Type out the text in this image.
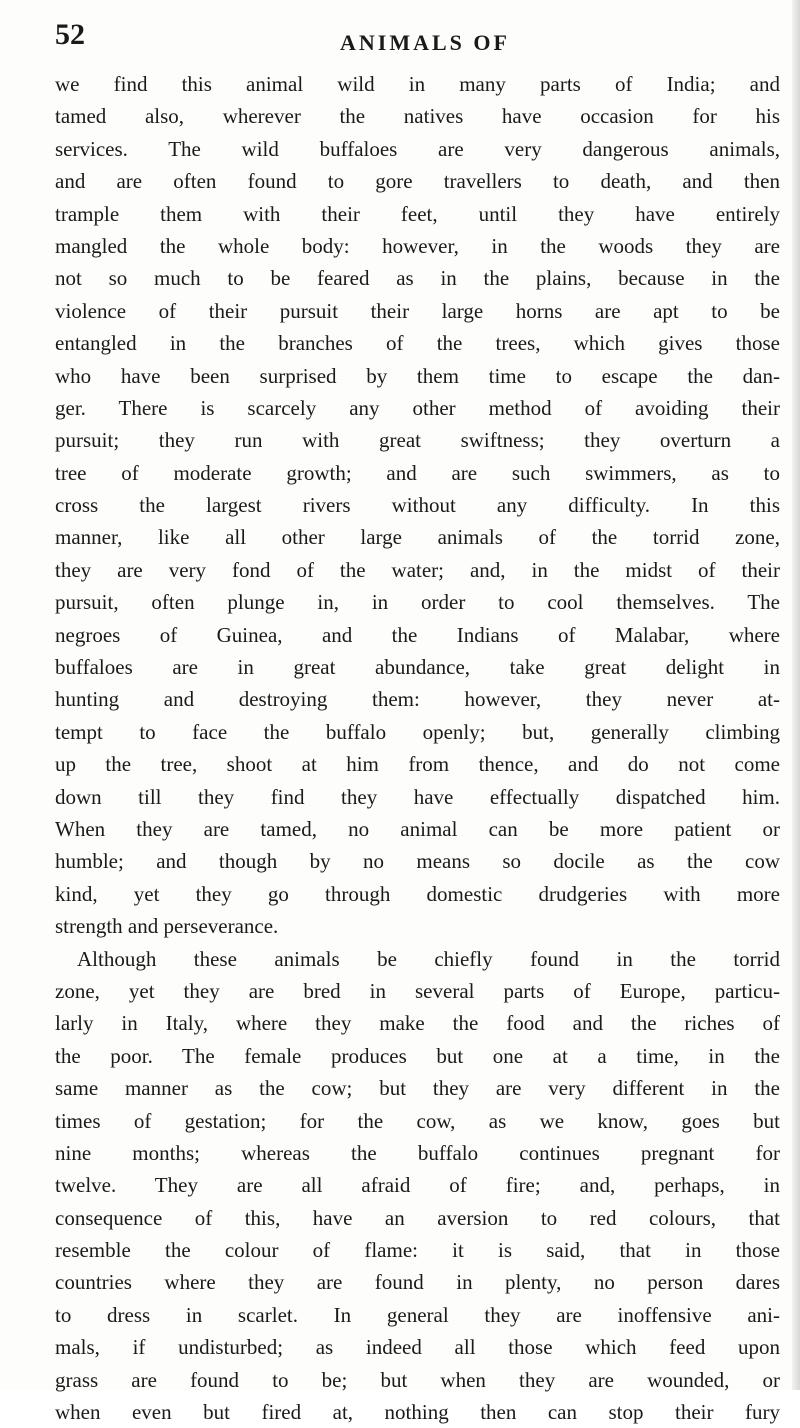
52	ANIMALS OF
we find this animal wild in many parts of India; and
tamed also, wherever the natives have occasion for his
services. The wild buffaloes are very dangerous animals,
and are often found to gore travellers to death, and then
trample them with their feet, until they have entirely
mangled the whole body: however, in the woods they are
not so much to be feared as in the plains, because in the
violence of their pursuit their large horns are apt to be
entangled in the branches of the trees, which gives those
who have been surprised by them time to escape the dan-
ger. There is scarcely any other method of avoiding their
pursuit; they run with great swiftness; they overturn a
tree of moderate growth; and are such swimmers, as to
cross the largest rivers without any difficulty. In this
manner, like all other large animals of the torrid zone,
they are very fond of the water; and, in the midst of their
pursuit, often plunge in, in order to cool themselves. The
negroes of Guinea, and the Indians of Malabar, where
buffaloes are in great abundance, take great delight in
hunting and destroying them: however, they never at-
tempt to face the buffalo openly; but, generally climbing
up the tree, shoot at him from thence, and do not come
down till they find they have effectually dispatched him.
When they are tamed, no animal can be more patient or
humble; and though by no means so docile as the cow
kind, yet they go through domestic drudgeries with more
strength and perseverance.
Although these animals be chiefly found in the torrid
zone, yet they are bred in several parts of Europe, particu-
larly in Italy, where they make the food and the riches of
the poor. The female produces but one at a time, in the
same manner as the cow; but they are very different in the
times of gestation; for the cow, as we know, goes but
nine months; whereas the buffalo continues pregnant for
twelve. They are all afraid of fire; and, perhaps, in
consequence of this, have an aversion to red colours, that
resemble the colour of flame: it is said, that in those
countries where they are found in plenty, no person dares
to dress in scarlet. In general they are inoffensive ani-
mals, if undisturbed; as indeed all those which feed upon
grass are found to be; but when they are wounded, or
when even but fired at, nothing then can stop their fury
